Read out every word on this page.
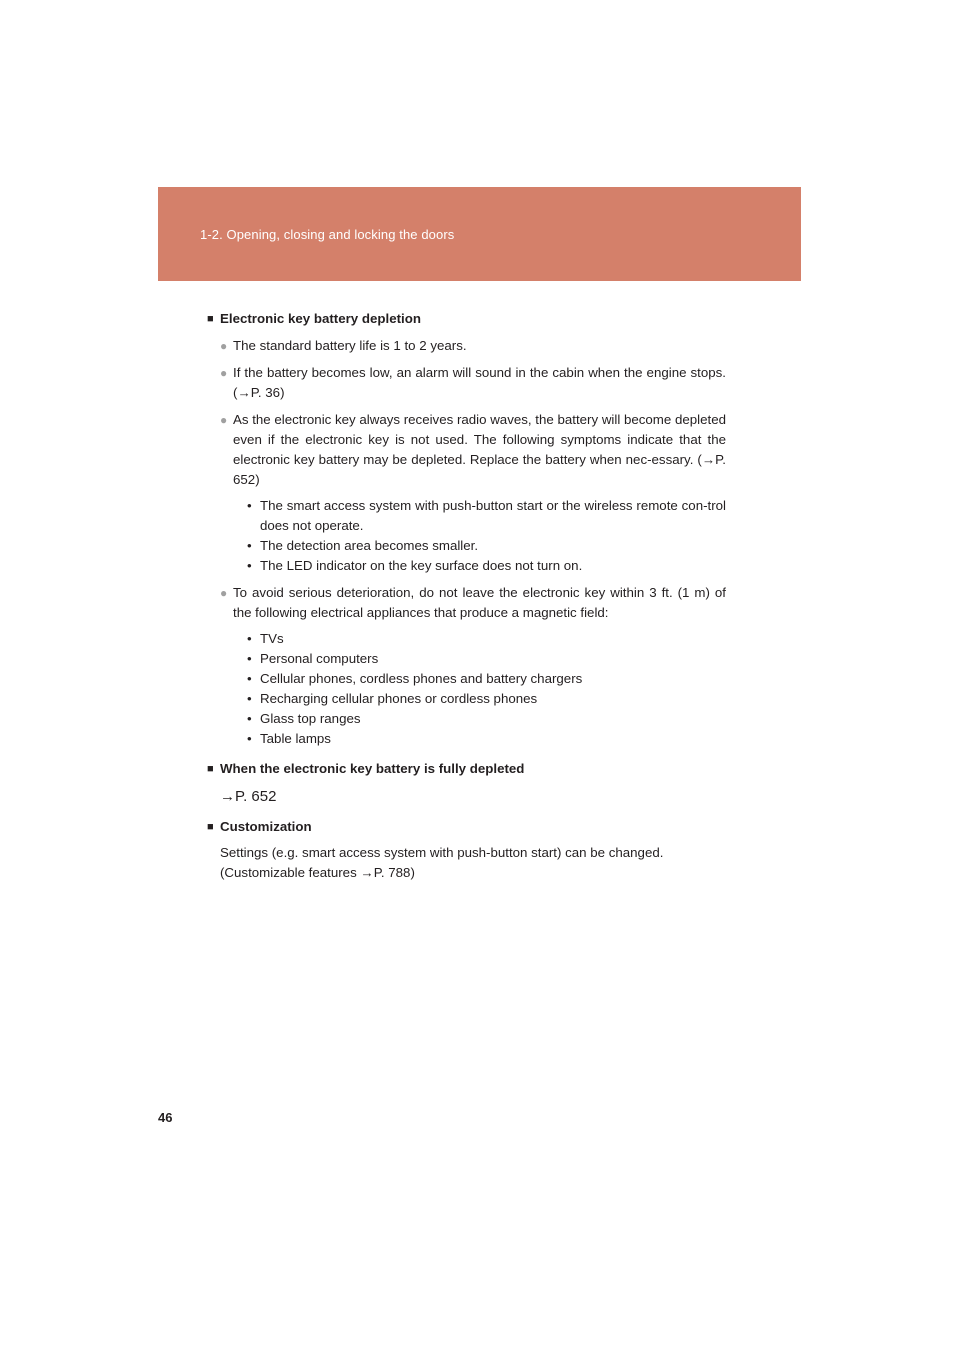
1-2. Opening, closing and locking the doors

■ Electronic key battery depletion

● The standard battery life is 1 to 2 years.
● If the battery becomes low, an alarm will sound in the cabin when the engine stops. (→P. 36)
● As the electronic key always receives radio waves, the battery will become depleted even if the electronic key is not used. The following symptoms indicate that the electronic key battery may be depleted. Replace the battery when nec-essary. (→P. 652)
• The smart access system with push-button start or the wireless remote con-trol does not operate.
• The detection area becomes smaller.
• The LED indicator on the key surface does not turn on.
● To avoid serious deterioration, do not leave the electronic key within 3 ft. (1 m) of the following electrical appliances that produce a magnetic field:
• TVs
• Personal computers
• Cellular phones, cordless phones and battery chargers
• Recharging cellular phones or cordless phones
• Glass top ranges
• Table lamps

■ When the electronic key battery is fully depleted

→P. 652

■ Customization

Settings (e.g. smart access system with push-button start) can be changed.
(Customizable features →P. 788)
46
